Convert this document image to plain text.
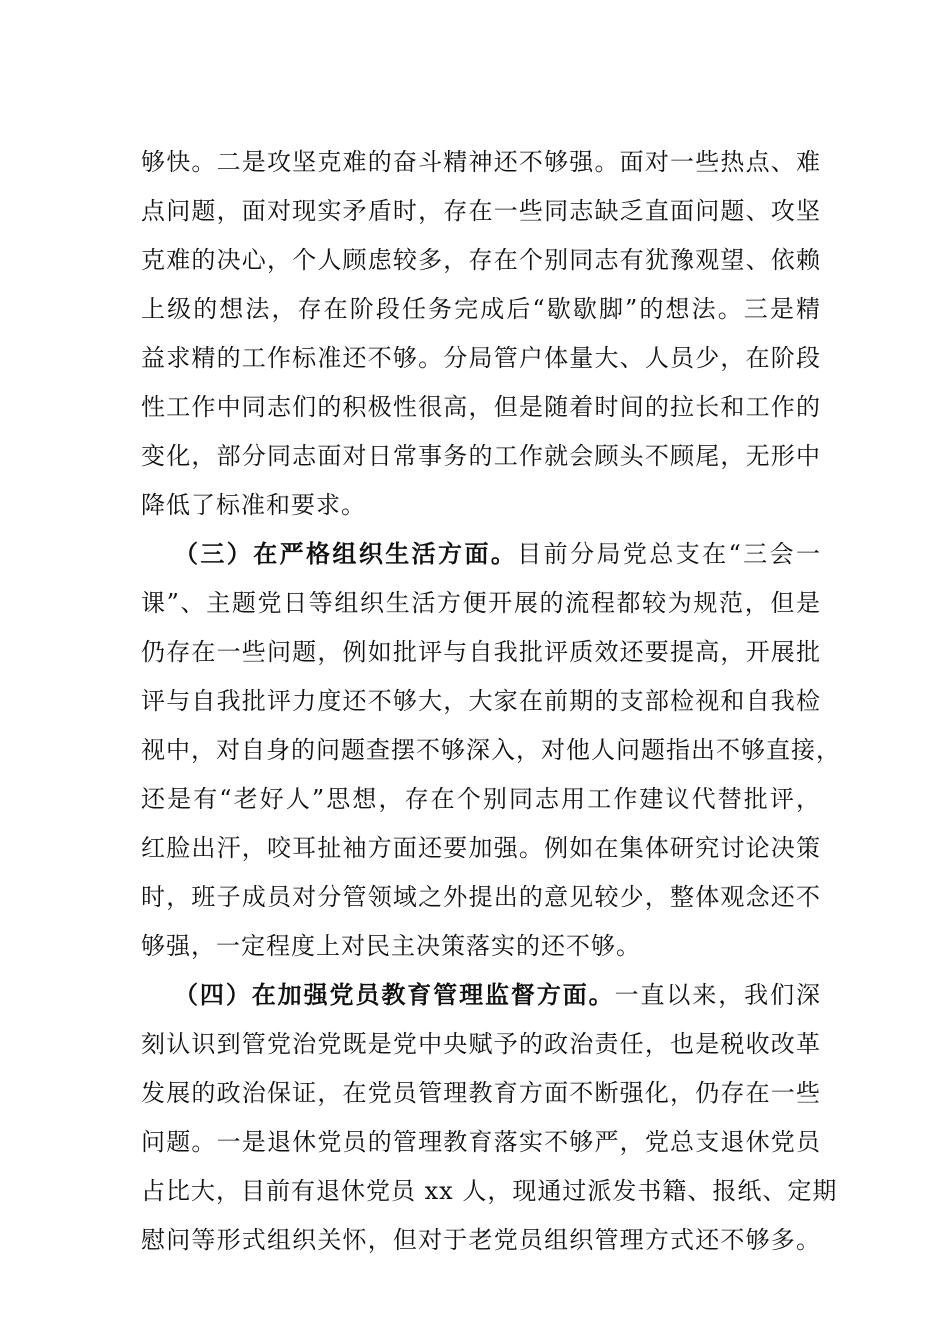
够快。二是攻坚克难的奋斗精神还不够强。面对一些热点、难
点问题，面对现实矛盾时，存在一些同志缺乏直面问题、攻坚
克难的决心，个人顾虑较多，存在个别同志有犹豫观望、依赖
上级的想法，存在阶段任务完成后“歇歇脚”的想法。三是精
益求精的工作标准还不够。分局管户体量大、人员少，在阶段
性工作中同志们的积极性很高，但是随着时间的拉长和工作的
变化，部分同志面对日常事务的工作就会顾头不顾尾，无形中
降低了标准和要求。
（三）在严格组织生活方面。目前分局党总支在“三会一
课”、主题党日等组织生活方便开展的流程都较为规范，但是
仍存在一些问题，例如批评与自我批评质效还要提高，开展批
评与自我批评力度还不够大，大家在前期的支部检视和自我检
视中，对自身的问题查摆不够深入，对他人问题指出不够直接，
还是有“老好人”思想，存在个别同志用工作建议代替批评，
红脸出汗，咬耳扯袖方面还要加强。例如在集体研究讨论决策
时，班子成员对分管领域之外提出的意见较少，整体观念还不
够强，一定程度上对民主决策落实的还不够。
（四）在加强党员教育管理监督方面。一直以来，我们深
刻认识到管党治党既是党中央赋予的政治责任，也是税收改革
发展的政治保证，在党员管理教育方面不断强化，仍存在一些
问题。一是退休党员的管理教育落实不够严，党总支退休党员
占比大，目前有退休党员 xx 人，现通过派发书籍、报纸、定期
慰问等形式组织关怀，但对于老党员组织管理方式还不够多。
